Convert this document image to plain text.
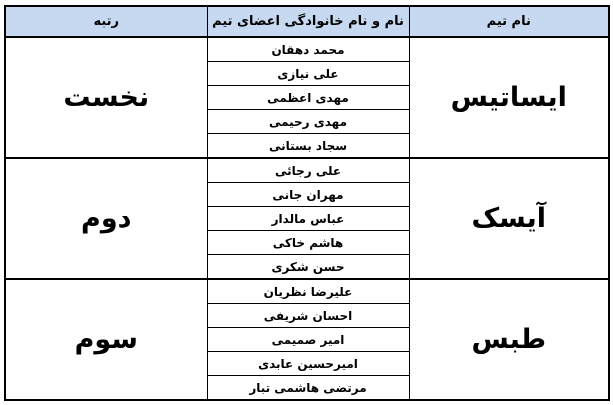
نام تیم	نام و نام خانوادگی اعضای تیم	رتبه
ایساتیس	محمد دهقان	نخست
	علی نیازی	
	مهدی اعظمی	
	مهدی رحیمی	
	سجاد بستانی	
آیسک	علی رجائی	دوم
	مهران جانی	
	عباس مالدار	
	هاشم خاکی	
	حسن شکری	
طبس	علیرضا نظریان	سوم
	احسان شریفی	
	امیر صمیمی	
	امیرحسین عابدی	
	مرتضی هاشمی تبار	
